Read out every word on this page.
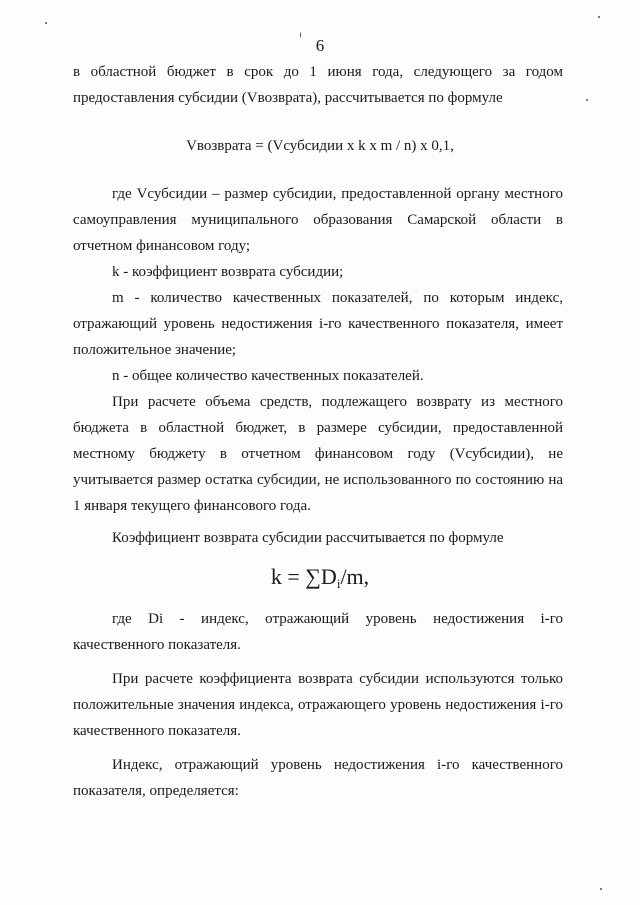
6

в областной бюджет в срок до 1 июня года, следующего за годом предоставления субсидии (Vвозврата), рассчитывается по формуле

Vвозврата = (Vсубсидии х k х m / n) х 0,1,

где Vсубсидии – размер субсидии, предоставленной органу местного самоуправления муниципального образования Самарской области в отчетном финансовом году;

k - коэффициент возврата субсидии;

m - количество качественных показателей, по которым индекс, отражающий уровень недостижения i-го качественного показателя, имеет положительное значение;

n - общее количество качественных показателей.

При расчете объема средств, подлежащего возврату из местного бюджета в областной бюджет, в размере субсидии, предоставленной местному бюджету в отчетном финансовом году (Vсубсидии), не учитывается размер остатка субсидии, не использованного по состоянию на 1 января текущего финансового года.

Коэффициент возврата субсидии рассчитывается по формуле

$k = \sum D_i/m$,

где Di - индекс, отражающий уровень недостижения i-го качественного показателя.

При расчете коэффициента возврата субсидии используются только положительные значения индекса, отражающего уровень недостижения i-го качественного показателя.

Индекс, отражающий уровень недостижения i-го качественного показателя, определяется:
